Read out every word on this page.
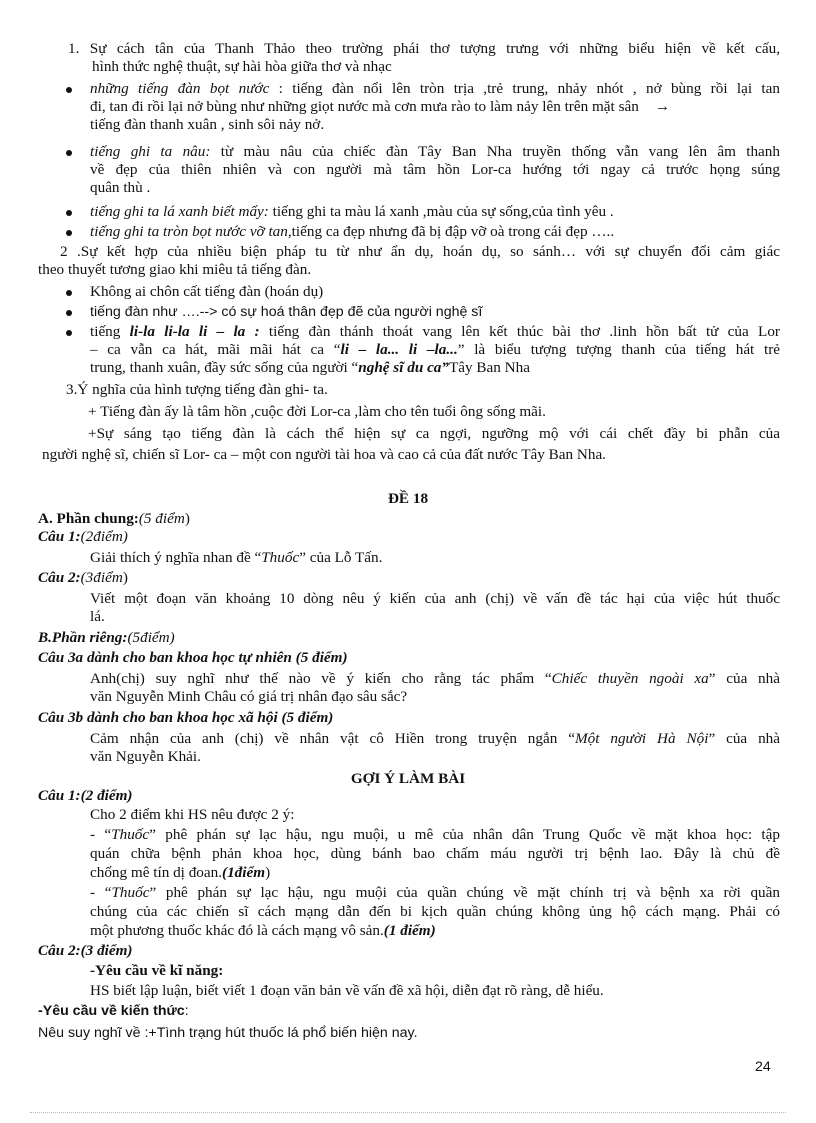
1. Sự cách tân của Thanh Thảo theo trường phái thơ tượng trưng với những biểu hiện về kết cấu,
hình thức nghệ thuật, sự hài hòa giữa thơ và nhạc
những tiếng đàn bọt nước : tiếng đàn nổi lên tròn trịa ,trẻ trung, nhảy nhót , nở bùng rồi lại tan
đi, tan đi rồi lại nở bùng như những giọt nước mà cơn mưa rào to làm nảy lên trên mặt sân →
tiếng đàn thanh xuân , sinh sôi nảy nở.
tiếng ghi ta nâu: từ màu nâu của chiếc đàn Tây Ban Nha truyền thống vẫn vang lên âm thanh
về đẹp của thiên nhiên và con người mà tâm hồn Lor-ca hướng tới ngay cả trước họng súng
quân thù .
tiếng ghi ta lá xanh biết mấy: tiếng ghi ta màu lá xanh ,màu của sự sống,của tình yêu .
tiếng ghi ta tròn bọt nước vỡ tan,tiếng ca đẹp nhưng đã bị đập vỡ oà trong cái đẹp …..
2 .Sự kết hợp của nhiều biện pháp tu từ như ẩn dụ, hoán dụ, so sánh… với sự chuyển đổi cảm giác
theo thuyết tương giao khi miêu tả tiếng đàn.
Không ai chôn cất tiếng đàn (hoán dụ)
tiếng đàn như ….--> có sự hoá thân đẹp đẽ của người nghệ sĩ
tiếng li-la li-la li – la : tiếng đàn thánh thoát vang lên kết thúc bài thơ .linh hồn bất tử của Lor
– ca vẫn ca hát, mãi mãi hát ca “li – la... li –la...” là biểu tượng tượng thanh của tiếng hát trẻ
trung, thanh xuân, đầy sức sống của người “nghệ sĩ du ca”Tây Ban Nha
3.Ý nghĩa của hình tượng tiếng đàn ghi- ta.
+ Tiếng đàn ấy là tâm hồn ,cuộc đời Lor-ca ,làm cho tên tuổi ông sống mãi.
+Sự sáng tạo tiếng đàn là cách thể hiện sự ca ngợi, ngưỡng mộ với cái chết đầy bi phẫn của
người nghệ sĩ, chiến sĩ Lor- ca – một con người tài hoa và cao cả của đất nước Tây Ban Nha.
ĐỀ 18
A. Phần chung:(5 điểm)
Câu 1:(2điểm)
Giải thích ý nghĩa nhan đề “Thuốc” của Lỗ Tấn.
Câu 2:(3điểm)
Viết một đoạn văn khoảng 10 dòng nêu ý kiến của anh (chị) về vấn đề tác hại của việc hút thuốc
lá.
B.Phần riêng:(5điểm)
Câu 3a dành cho ban khoa học tự nhiên (5 điểm)
Anh(chị) suy nghĩ như thế nào về ý kiến cho rằng tác phẩm “Chiếc thuyền ngoài xa” của nhà
văn Nguyễn Minh Châu có giá trị nhân đạo sâu sắc?
Câu 3b dành cho ban khoa học xã hội (5 điểm)
Cảm nhận của anh (chị) về nhân vật cô Hiền trong truyện ngắn “Một người Hà Nội” của nhà
văn Nguyễn Khải.
GỢI Ý LÀM BÀI
Câu 1:(2 điểm)
Cho 2 điểm khi HS nêu được 2 ý:
- “Thuốc” phê phán sự lạc hậu, ngu muội, u mê của nhân dân Trung Quốc về mặt khoa học: tập
quán chữa bệnh phản khoa học, dùng bánh bao chấm máu người trị bệnh lao. Đây là chủ đề
chống mê tín dị đoan.(1điểm)
- “Thuốc” phê phán sự lạc hậu, ngu muội của quần chúng về mặt chính trị và bệnh xa rời quần
chúng của các chiến sĩ cách mạng dẫn đến bi kịch quần chúng không ủng hộ cách mạng. Phải có
một phương thuốc khác đó là cách mạng vô sản.(1 điểm)
Câu 2:(3 điểm)
-Yêu cầu về kĩ năng:
HS biết lập luận, biết viết 1 đoạn văn bản về vấn đề xã hội, diễn đạt rõ ràng, dễ hiểu.
-Yêu cầu về kiến thức:
Nêu suy nghĩ về :+Tình trạng hút thuốc lá phổ biến hiện nay.
24
